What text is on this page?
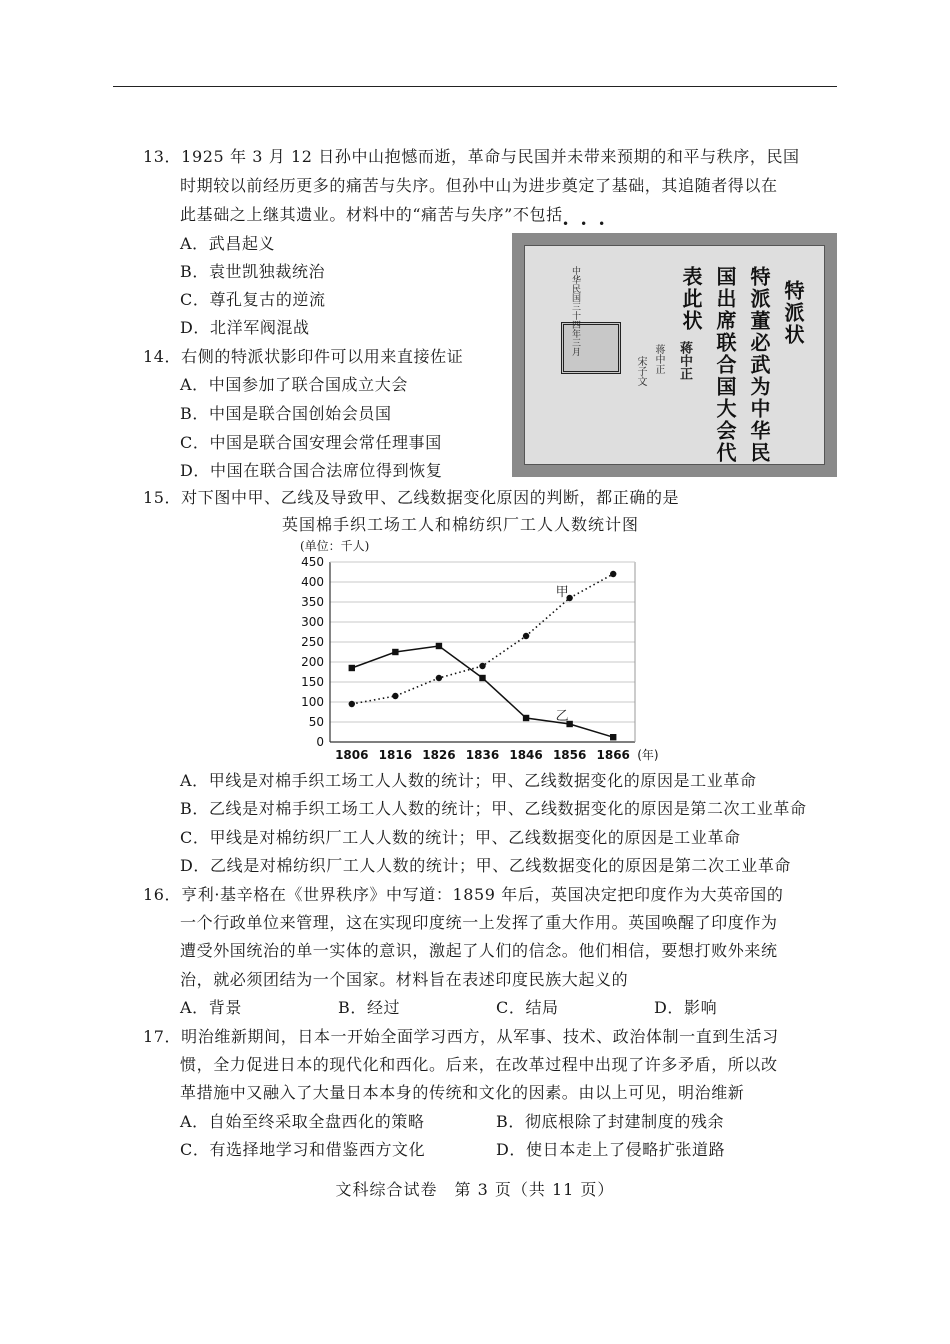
13．1925 年 3 月 12 日孙中山抱憾而逝，革命与民国并未带来预期的和平与秩序，民国
时期较以前经历更多的痛苦与失序。但孙中山为进步奠定了基础，其追随者得以在
此基础之上继其遗业。材料中的“痛苦与失序”不包括 •••
A．武昌起义
B．袁世凯独裁统治
C．尊孔复古的逆流
D．北洋军阀混战
14．右侧的特派状影印件可以用来直接佐证
A．中国参加了联合国成立大会
B．中国是联合国创始会员国
C．中国是联合国安理会常任理事国
D．中国在联合国合法席位得到恢复
特派状
特派董必武为中华民
国出席联合国大会代
表此状
中华民国三十四年三月
蒋中正
蒋中正
宋子文
15．对下图中甲、乙线及导致甲、乙线数据变化原因的判断，都正确的是
英国棉手织工场工人和棉纺织厂工人人数统计图
(单位：千人)
0
50
100
150
200
250
300
350
400
450
1806 1816 1826 1836 1846 1856 1866 (年)
甲
乙
A．甲线是对棉手织工场工人人数的统计；甲、乙线数据变化的原因是工业革命
B．乙线是对棉手织工场工人人数的统计；甲、乙线数据变化的原因是第二次工业革命
C．甲线是对棉纺织厂工人人数的统计；甲、乙线数据变化的原因是工业革命
D．乙线是对棉纺织厂工人人数的统计；甲、乙线数据变化的原因是第二次工业革命
16．亨利·基辛格在《世界秩序》中写道：1859 年后，英国决定把印度作为大英帝国的
一个行政单位来管理，这在实现印度统一上发挥了重大作用。英国唤醒了印度作为
遭受外国统治的单一实体的意识，激起了人们的信念。他们相信，要想打败外来统
治，就必须团结为一个国家。材料旨在表述印度民族大起义的
A．背景	B．经过	C．结局	D．影响
17．明治维新期间，日本一开始全面学习西方，从军事、技术、政治体制一直到生活习
惯，全力促进日本的现代化和西化。后来，在改革过程中出现了许多矛盾，所以改
革措施中又融入了大量日本本身的传统和文化的因素。由以上可见，明治维新
A．自始至终采取全盘西化的策略	B．彻底根除了封建制度的残余
C．有选择地学习和借鉴西方文化	D．使日本走上了侵略扩张道路
文科综合试卷　第 3 页（共 11 页）
